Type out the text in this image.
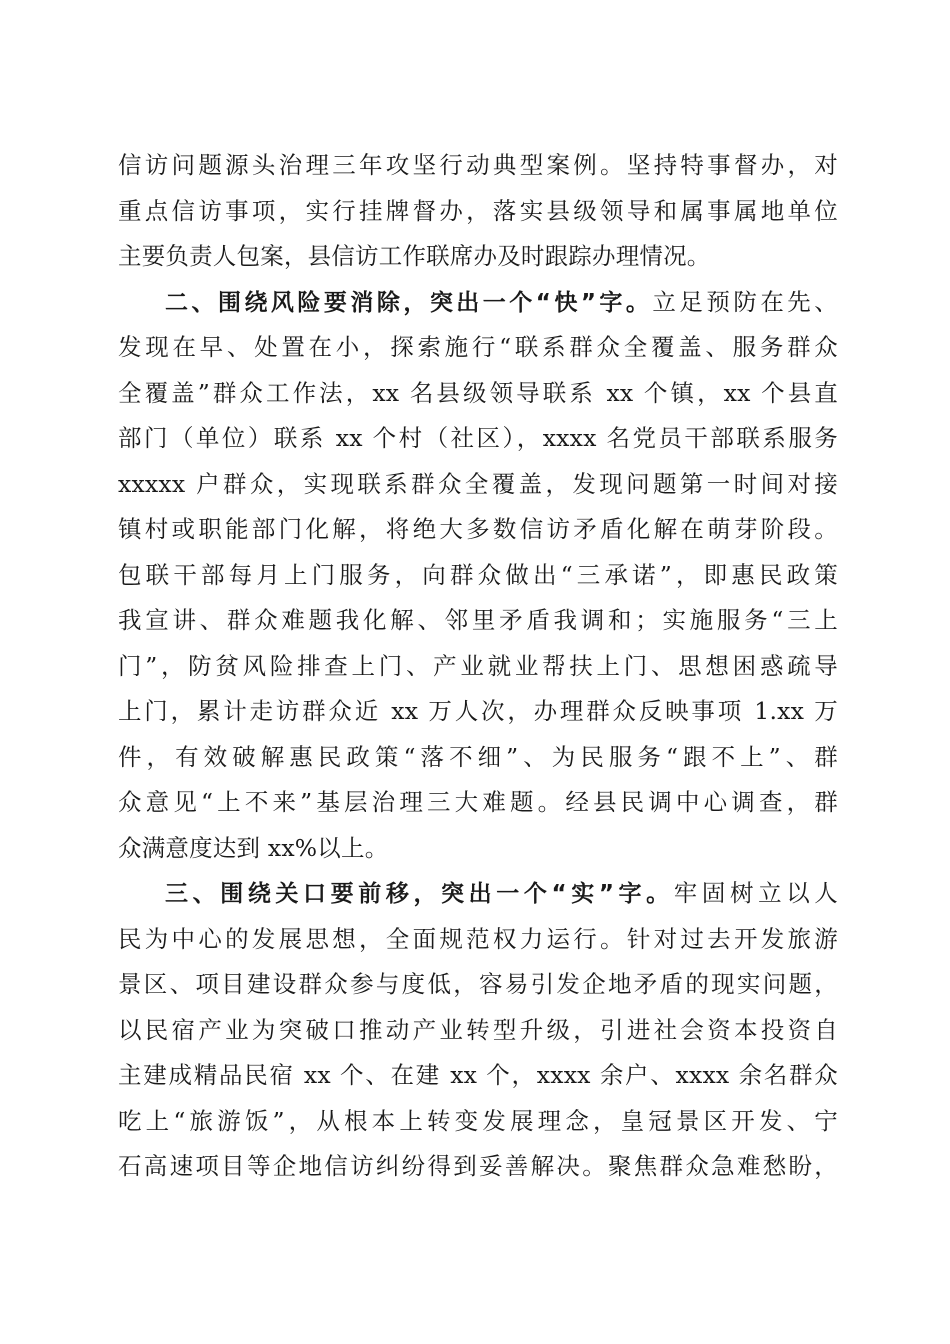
信访问题源头治理三年攻坚行动典型案例。坚持特事督办，对
重点信访事项，实行挂牌督办，落实县级领导和属事属地单位
主要负责人包案，县信访工作联席办及时跟踪办理情况。
二、围绕风险要消除，突出一个“快”字。立足预防在先、
发现在早、处置在小，探索施行“联系群众全覆盖、服务群众
全覆盖”群众工作法，xx 名县级领导联系 xx 个镇，xx 个县直
部门（单位）联系 xx 个村（社区），xxxx 名党员干部联系服务
xxxxx 户群众，实现联系群众全覆盖，发现问题第一时间对接
镇村或职能部门化解，将绝大多数信访矛盾化解在萌芽阶段。
包联干部每月上门服务，向群众做出“三承诺”，即惠民政策
我宣讲、群众难题我化解、邻里矛盾我调和；实施服务“三上
门”，防贫风险排查上门、产业就业帮扶上门、思想困惑疏导
上门，累计走访群众近 xx 万人次，办理群众反映事项 1.xx 万
件，有效破解惠民政策“落不细”、为民服务“跟不上”、群
众意见“上不来”基层治理三大难题。经县民调中心调查，群
众满意度达到 xx%以上。
三、围绕关口要前移，突出一个“实”字。牢固树立以人
民为中心的发展思想，全面规范权力运行。针对过去开发旅游
景区、项目建设群众参与度低，容易引发企地矛盾的现实问题，
以民宿产业为突破口推动产业转型升级，引进社会资本投资自
主建成精品民宿 xx 个、在建 xx 个，xxxx 余户、xxxx 余名群众
吃上“旅游饭”，从根本上转变发展理念，皇冠景区开发、宁
石高速项目等企地信访纠纷得到妥善解决。聚焦群众急难愁盼，
